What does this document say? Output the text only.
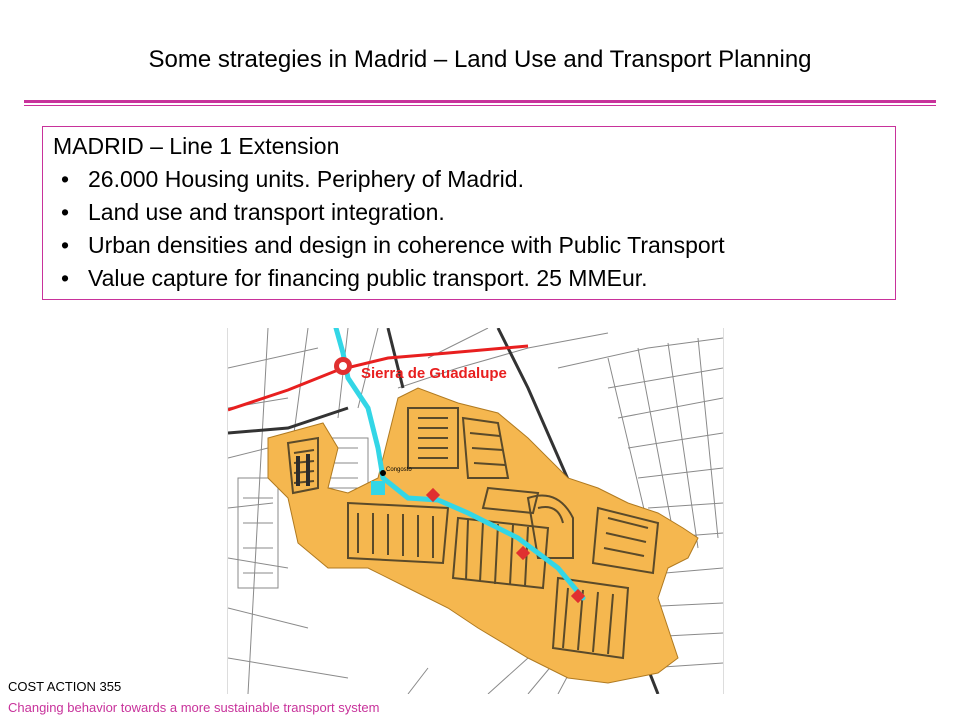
Some strategies in Madrid – Land Use and Transport Planning
MADRID – Line 1 Extension
• 26.000 Housing units. Periphery of Madrid.
• Land use and transport integration.
• Urban densities and design in coherence with Public Transport
• Value capture for financing public transport. 25 MMEur.
Sierra de Guadalupe
Congosto
COST ACTION 355
Changing behavior towards a more sustainable transport system
